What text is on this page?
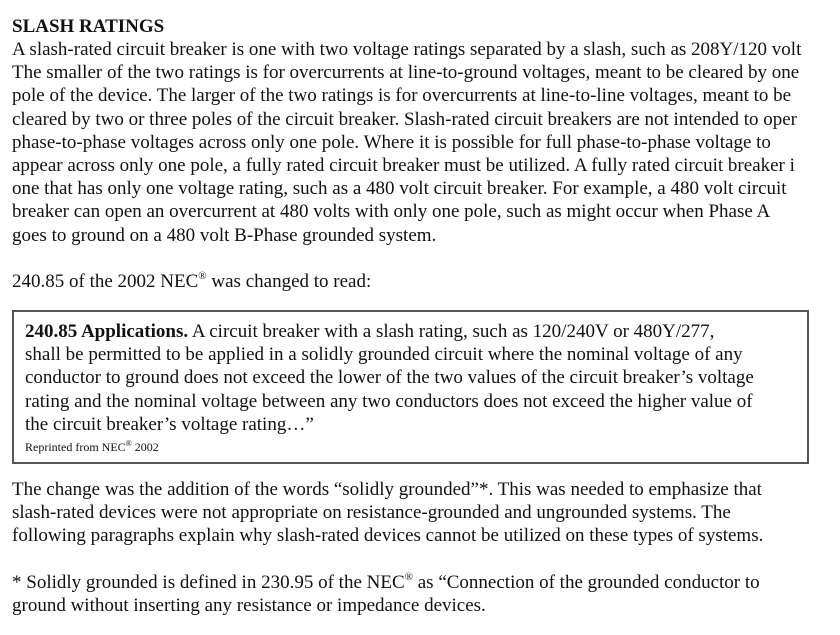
SLASH RATINGS

A slash-rated circuit breaker is one with two voltage ratings separated by a slash, such as 208Y/120 volt

The smaller of the two ratings is for overcurrents at line-to-ground voltages, meant to be cleared by one

pole of the device. The larger of the two ratings is for overcurrents at line-to-line voltages, meant to be

cleared by two or three poles of the circuit breaker. Slash-rated circuit breakers are not intended to oper

phase-to-phase voltages across only one pole. Where it is possible for full phase-to-phase voltage to

appear across only one pole, a fully rated circuit breaker must be utilized. A fully rated circuit breaker i

one that has only one voltage rating, such as a 480 volt circuit breaker. For example, a 480 volt circuit

breaker can open an overcurrent at 480 volts with only one pole, such as might occur when Phase A

goes to ground on a 480 volt B-Phase grounded system.

240.85 of the 2002 NEC® was changed to read:

240.85 Applications. A circuit breaker with a slash rating, such as 120/240V or 480Y/277,

shall be permitted to be applied in a solidly grounded circuit where the nominal voltage of any

conductor to ground does not exceed the lower of the two values of the circuit breaker’s voltage

rating and the nominal voltage between any two conductors does not exceed the higher value of

the circuit breaker’s voltage rating…”

Reprinted from NEC® 2002

The change was the addition of the words “solidly grounded”*. This was needed to emphasize that

slash-rated devices were not appropriate on resistance-grounded and ungrounded systems. The

following paragraphs explain why slash-rated devices cannot be utilized on these types of systems.

* Solidly grounded is defined in 230.95 of the NEC® as “Connection of the grounded conductor to

ground without inserting any resistance or impedance devices.
